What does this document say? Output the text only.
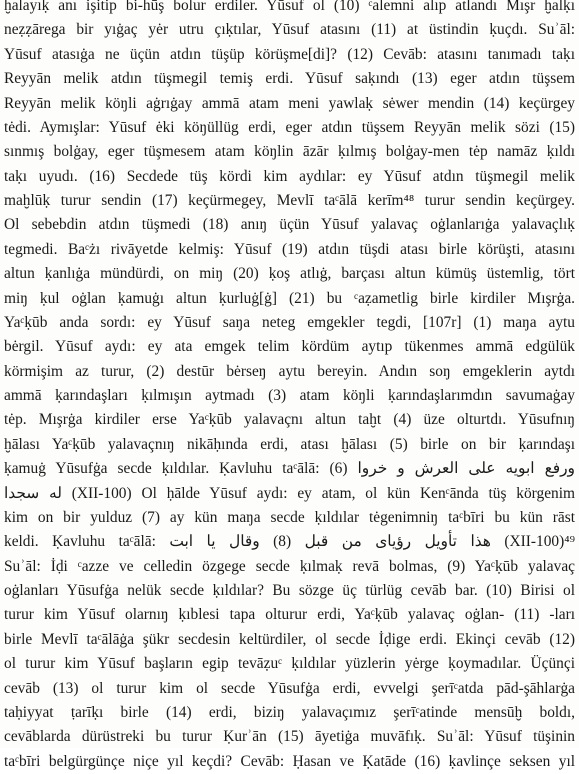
ḫalayıḳ anı işitip bi-hūş bolur erdiler. Yūsuf ol (10) ᶜalemni alıp atlandı Mışr ḫalḳı
neẓẓārega bir yıġaç yėr utru çıḳtılar, Yūsuf atasını (11) at üstindin ḳuçdı. Suʾāl:
Yūsuf atasıġa ne üçün atdın tüşüp körüşme[di]? (12) Cevāb: atasını tanımadı taḳı
Reyyān melik atdın tüşmegil temiş erdi. Yūsuf saḳındı (13) eger atdın tüşsem
Reyyān melik köŋli aġrıġay ammā atam meni yawlaḳ sėwer mendin (14) keçürgey
tėdi. Aymışlar: Yūsuf ėki köŋüllüg erdi, eger atdın tüşsem Reyyān melik sözi (15)
sınmış bolġay, eger tüşmesem atam köŋlin āzār ḳılmış bolġay-men tėp namāz ḳıldı
taḳı uyudı. (16) Secdede tüş kördi kim aydılar: ey Yūsuf atdın tüşmegil melik
maḫlūḳ turur sendin (17) keçürmegey, Mevlī taᶜālā kerīm⁴⁸ turur sendin keçürgey.
Ol sebebdin atdın tüşmedi (18) anıŋ üçün Yūsuf yalavaç oġlanlarıġa yalavaçlıḳ
tegmedi. Baᶜżı rivāyetde kelmiş: Yūsuf (19) atdın tüşdi atası birle körüşti, atasını
altun ḳanlıġa mündürdi, on miŋ (20) ḳoş atlıġ, barçası altun kümüş üstemlig, tört
miŋ ḳul oġlan ḳamuġı altun ḳurluġ[ġ] (21) bu ᶜaẓametlig birle kirdiler Mışrġa.
Yaᶜḳūb anda sordı: ey Yūsuf saŋa neteg emgekler tegdi, [107r] (1) maŋa aytu
bėrgil. Yūsuf aydı: ey ata emgek telim kördüm aytıp tükenmes ammā edgülük
körmişim az turur, (2) destūr bėrseŋ aytu bereyin. Andın soŋ emgeklerin aytdı
ammā ḳarındaşları ḳılmışın aytmadı (3) atam köŋli ḳarındaşlarımdın savumaġay
tėp. Mışrġa kirdiler erse Yaᶜḳūb yalavaçnı altun taḫt (4) üze olturtdı. Yūsufnıŋ
ḫālası Yaᶜḳūb yalavaçnıŋ nikāḥında erdi, atası ḫālası (5) birle on bir ḳarındaşı
ḳamuġ Yūsufġa secde ḳıldılar. Ḳavluhu taᶜālā: ورفع ابويه على العرش و خروا (6)
له سجدا (XII-100) Ol ḥālde Yūsuf aydı: ey atam, ol kün Kenᶜānda tüş körgenim
kim on bir yulduz (7) ay kün maŋa secde ḳıldılar tėgenimniŋ taᶜbīri bu kün rāst
keldi. Ḳavluhu taᶜālā: هذا تأويل رؤياى من قبل (8) وقال يا ابت (XII-100)⁴⁹
Suʾāl: İḍi ᶜazze ve celledin özgege secde ḳılmaḳ revā bolmas, (9) Yaᶜḳūb yalavaç
oġlanları Yūsufġa nelük secde ḳıldılar? Bu sözge üç türlüg cevāb bar. (10) Birisi ol
turur kim Yūsuf olarnıŋ ḳıblesi tapa olturur erdi, Yaᶜḳūb yalavaç oġlan- (11) -ları
birle Mevlī taᶜālāġa şükr secdesin keltürdiler, ol secde İḍige erdi. Ekinçi cevāb (12)
ol turur kim Yūsuf başların egip tevāẓuᶜ ḳıldılar yüzlerin yėrge ḳoymadılar. Üçünçi
cevāb (13) ol turur kim ol secde Yūsufġa erdi, evvelgi şerīᶜatda pād-şāhlarġa
taḥiyyat ṭarīḳı birle (14) erdi, biziŋ yalavaçımız şerīᶜatinde mensūḫ boldı,
cevāblarda dürüstreki bu turur Ḳurʾān (15) āyetiġa muvāfıḳ. Suʾāl: Yūsuf tüşinin
taᶜbīri belgürgünçe niçe yıl keçdi? Cevāb: Ḥasan ve Ḳatāde (16) ḳavlinçe seksen yıl
